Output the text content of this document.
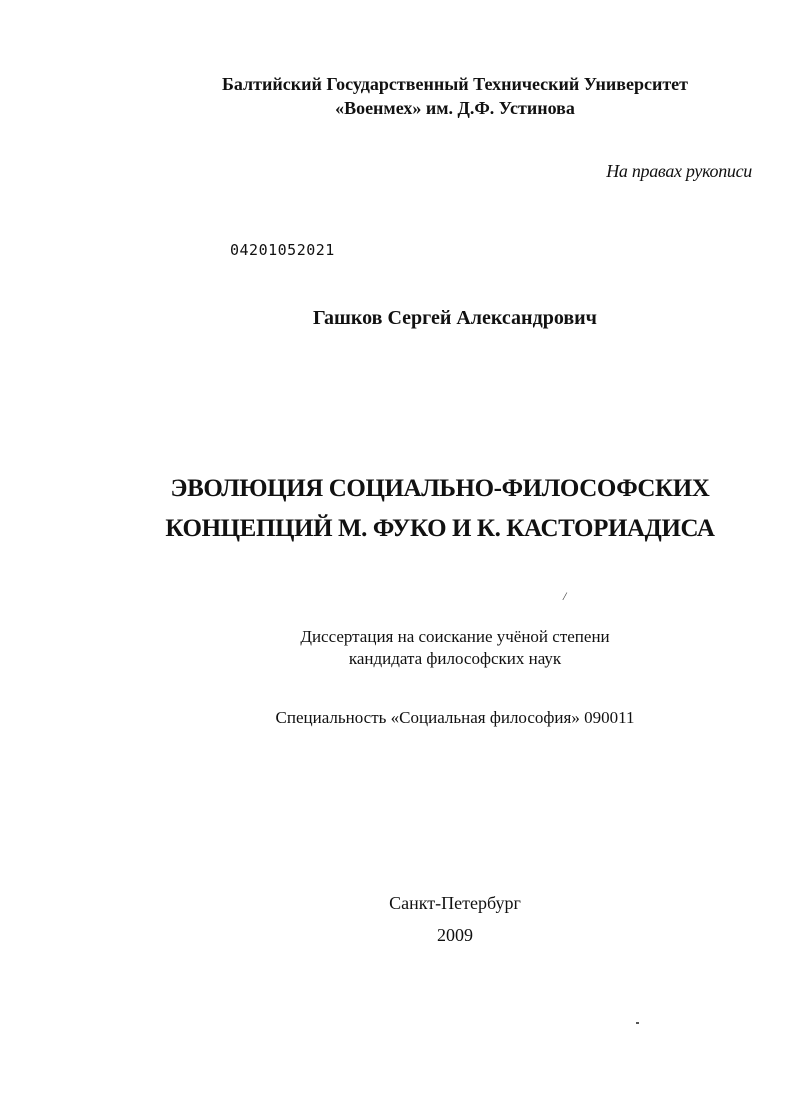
Балтийский Государственный Технический Университет
«Военмех» им. Д.Ф. Устинова
На правах рукописи
04201052021
Гашков Сергей Александрович
ЭВОЛЮЦИЯ СОЦИАЛЬНО-ФИЛОСОФСКИХ
КОНЦЕПЦИЙ М. ФУКО И К. КАСТОРИАДИСА
/
Диссертация на соискание учёной степени
кандидата философских наук
Специальность «Социальная философия» 090011
Санкт-Петербург
2009
